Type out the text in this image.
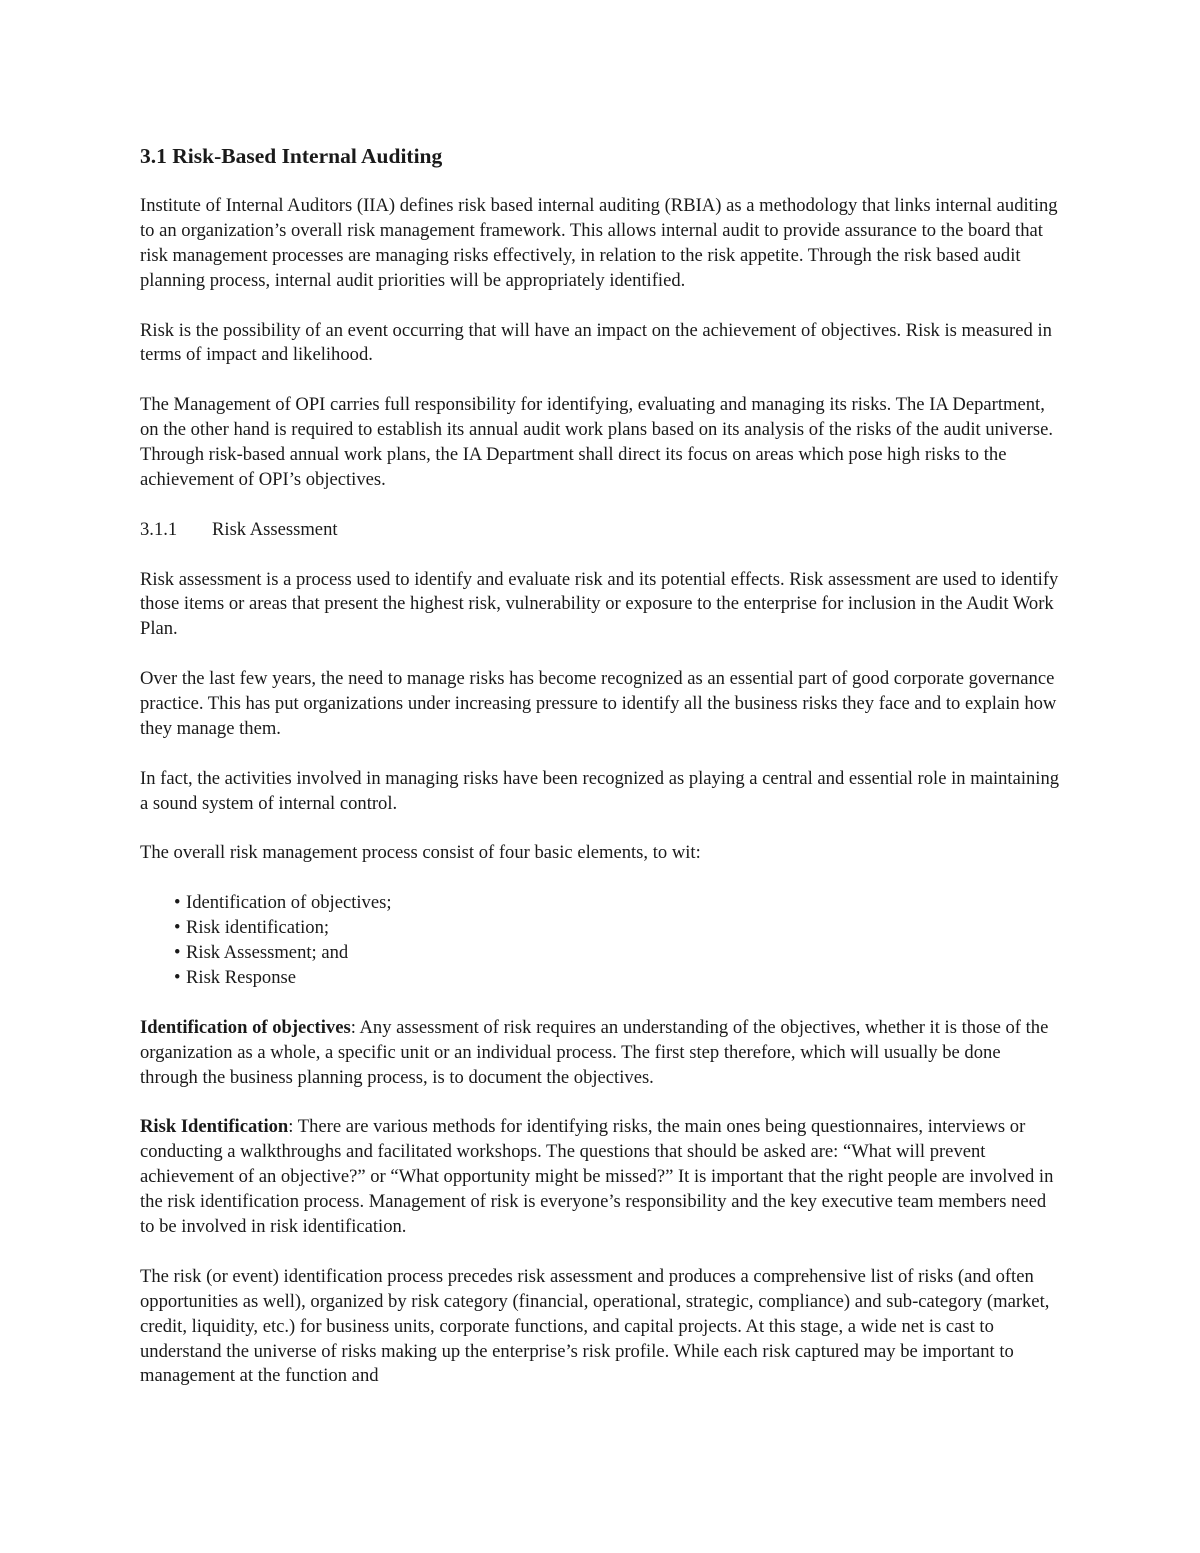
3.1 Risk-Based Internal Auditing

Institute of Internal Auditors (IIA) defines risk based internal auditing (RBIA) as a methodology that links internal auditing to an organization’s overall risk management framework. This allows internal audit to provide assurance to the board that risk management processes are managing risks effectively, in relation to the risk appetite. Through the risk based audit planning process, internal audit priorities will be appropriately identified.

Risk is the possibility of an event occurring that will have an impact on the achievement of objectives. Risk is measured in terms of impact and likelihood.

The Management of OPI carries full responsibility for identifying, evaluating and managing its risks. The IA Department, on the other hand is required to establish its annual audit work plans based on its analysis of the risks of the audit universe. Through risk-based annual work plans, the IA Department shall direct its focus on areas which pose high risks to the achievement of OPI’s objectives.

3.1.1 Risk Assessment

Risk assessment is a process used to identify and evaluate risk and its potential effects. Risk assessment are used to identify those items or areas that present the highest risk, vulnerability or exposure to the enterprise for inclusion in the Audit Work Plan.

Over the last few years, the need to manage risks has become recognized as an essential part of good corporate governance practice. This has put organizations under increasing pressure to identify all the business risks they face and to explain how they manage them.

In fact, the activities involved in managing risks have been recognized as playing a central and essential role in maintaining a sound system of internal control.

The overall risk management process consist of four basic elements, to wit:

• Identification of objectives;
• Risk identification;
• Risk Assessment; and
• Risk Response

Identification of objectives: Any assessment of risk requires an understanding of the objectives, whether it is those of the organization as a whole, a specific unit or an individual process. The first step therefore, which will usually be done through the business planning process, is to document the objectives.

Risk Identification: There are various methods for identifying risks, the main ones being questionnaires, interviews or conducting a walkthroughs and facilitated workshops. The questions that should be asked are: “What will prevent achievement of an objective?” or “What opportunity might be missed?” It is important that the right people are involved in the risk identification process. Management of risk is everyone’s responsibility and the key executive team members need to be involved in risk identification.

The risk (or event) identification process precedes risk assessment and produces a comprehensive list of risks (and often opportunities as well), organized by risk category (financial, operational, strategic, compliance) and sub-category (market, credit, liquidity, etc.) for business units, corporate functions, and capital projects. At this stage, a wide net is cast to understand the universe of risks making up the enterprise’s risk profile. While each risk captured may be important to management at the function and
